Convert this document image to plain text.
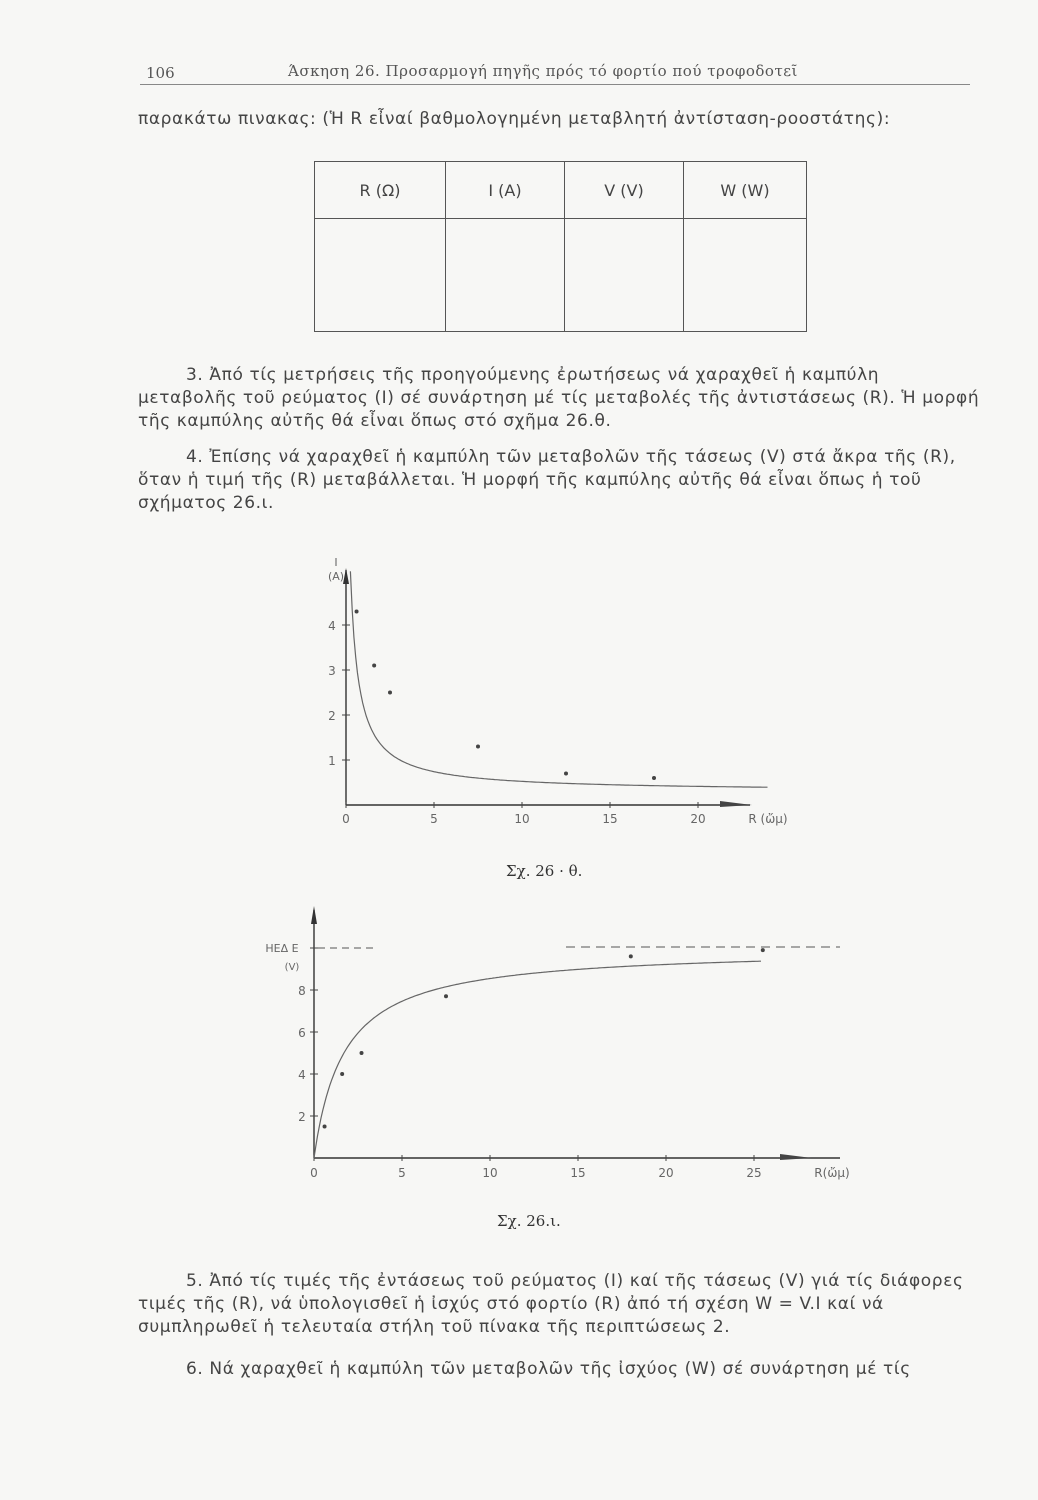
106	Άσκηση 26. Προσαρμογή πηγῆς πρός τό φορτίο πού τροφοδοτεῖ

παρακάτω πινακας: (Ἡ R εἶναί βαθμολογημένη μεταβλητή ἀντίσταση-ροοστάτης):

R (Ω)	I (A)	V (V)	W (W)

3. Ἀπό τίς μετρήσεις τῆς προηγούμενης ἐρωτήσεως νά χαραχθεῖ ἡ καμπύλη μεταβολῆς τοῦ ρεύματος (I) σέ συνάρτηση μέ τίς μεταβολές τῆς ἀντιστάσεως (R). Ἡ μορφή τῆς καμπύλης αὐτῆς θά εἶναι ὅπως στό σχῆμα 26.θ.

4. Ἐπίσης νά χαραχθεῖ ἡ καμπύλη τῶν μεταβολῶν τῆς τάσεως (V) στά ἄκρα τῆς (R), ὅταν ἡ τιμή τῆς (R) μεταβάλλεται. Ἡ μορφή τῆς καμπύλης αὐτῆς θά εἶναι ὅπως ἡ τοῦ σχήματος 26.ι.

1
2
3
4
0	5	10	15	20
I
(A)
R (ὤμ)
Σχ. 26 · θ.
2
4
6
8
0	5	10	15	20	25
ΗΕΔ Ε
(V)
R(ὤμ)
Σχ. 26.ι.

5. Ἀπό τίς τιμές τῆς ἐντάσεως τοῦ ρεύματος (I) καί τῆς τάσεως (V) γιά τίς διάφορες τιμές τῆς (R), νά ὑπολογισθεῖ ἡ ἰσχύς στό φορτίο (R) ἀπό τή σχέση W = V.I καί νά συμπληρωθεῖ ἡ τελευταία στήλη τοῦ πίνακα τῆς περιπτώσεως 2.

6. Νά χαραχθεῖ ἡ καμπύλη τῶν μεταβολῶν τῆς ἰσχύος (W) σέ συνάρτηση μέ τίς
